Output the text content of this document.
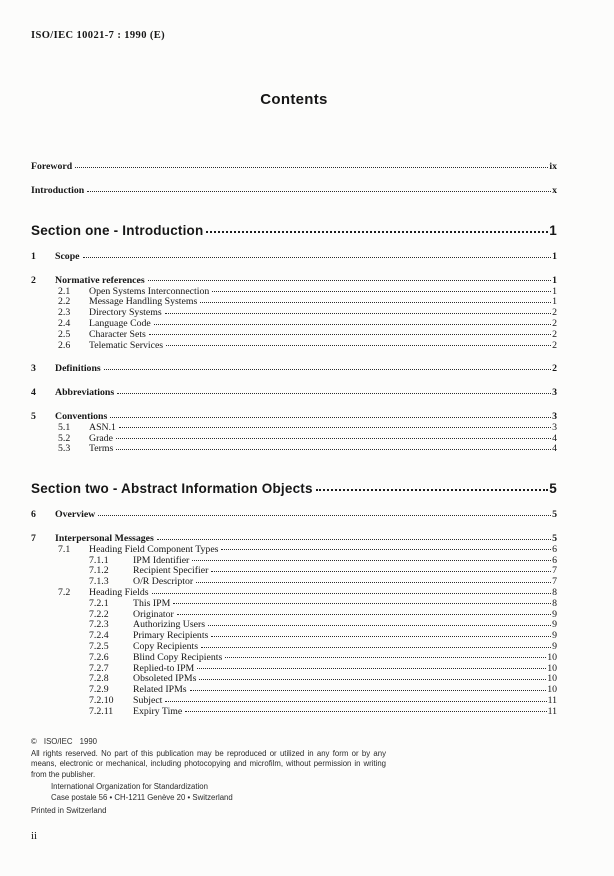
ISO/IEC 10021-7 : 1990 (E)
Contents
Foreword	ix
Introduction	x
Section one - Introduction	1
1	Scope	1
2	Normative references	1
2.1	Open Systems Interconnection	1
2.2	Message Handling Systems	1
2.3	Directory Systems	2
2.4	Language Code	2
2.5	Character Sets	2
2.6	Telematic Services	2
3	Definitions	2
4	Abbreviations	3
5	Conventions	3
5.1	ASN.1	3
5.2	Grade	4
5.3	Terms	4
Section two - Abstract Information Objects	5
6	Overview	5
7	Interpersonal Messages	5
7.1	Heading Field Component Types	6
7.1.1	IPM Identifier	6
7.1.2	Recipient Specifier	7
7.1.3	O/R Descriptor	7
7.2	Heading Fields	8
7.2.1	This IPM	8
7.2.2	Originator	9
7.2.3	Authorizing Users	9
7.2.4	Primary Recipients	9
7.2.5	Copy Recipients	9
7.2.6	Blind Copy Recipients	10
7.2.7	Replied-to IPM	10
7.2.8	Obsoleted IPMs	10
7.2.9	Related IPMs	10
7.2.10	Subject	11
7.2.11	Expiry Time	11
© ISO/IEC 1990

All rights reserved. No part of this publication may be reproduced or utilized in any form or by any means, electronic or mechanical, including photocopying and microfilm, without permission in writing from the publisher.

International Organization for Standardization
Case postale 56 • CH-1211 Genève 20 • Switzerland
Printed in Switzerland
ii
